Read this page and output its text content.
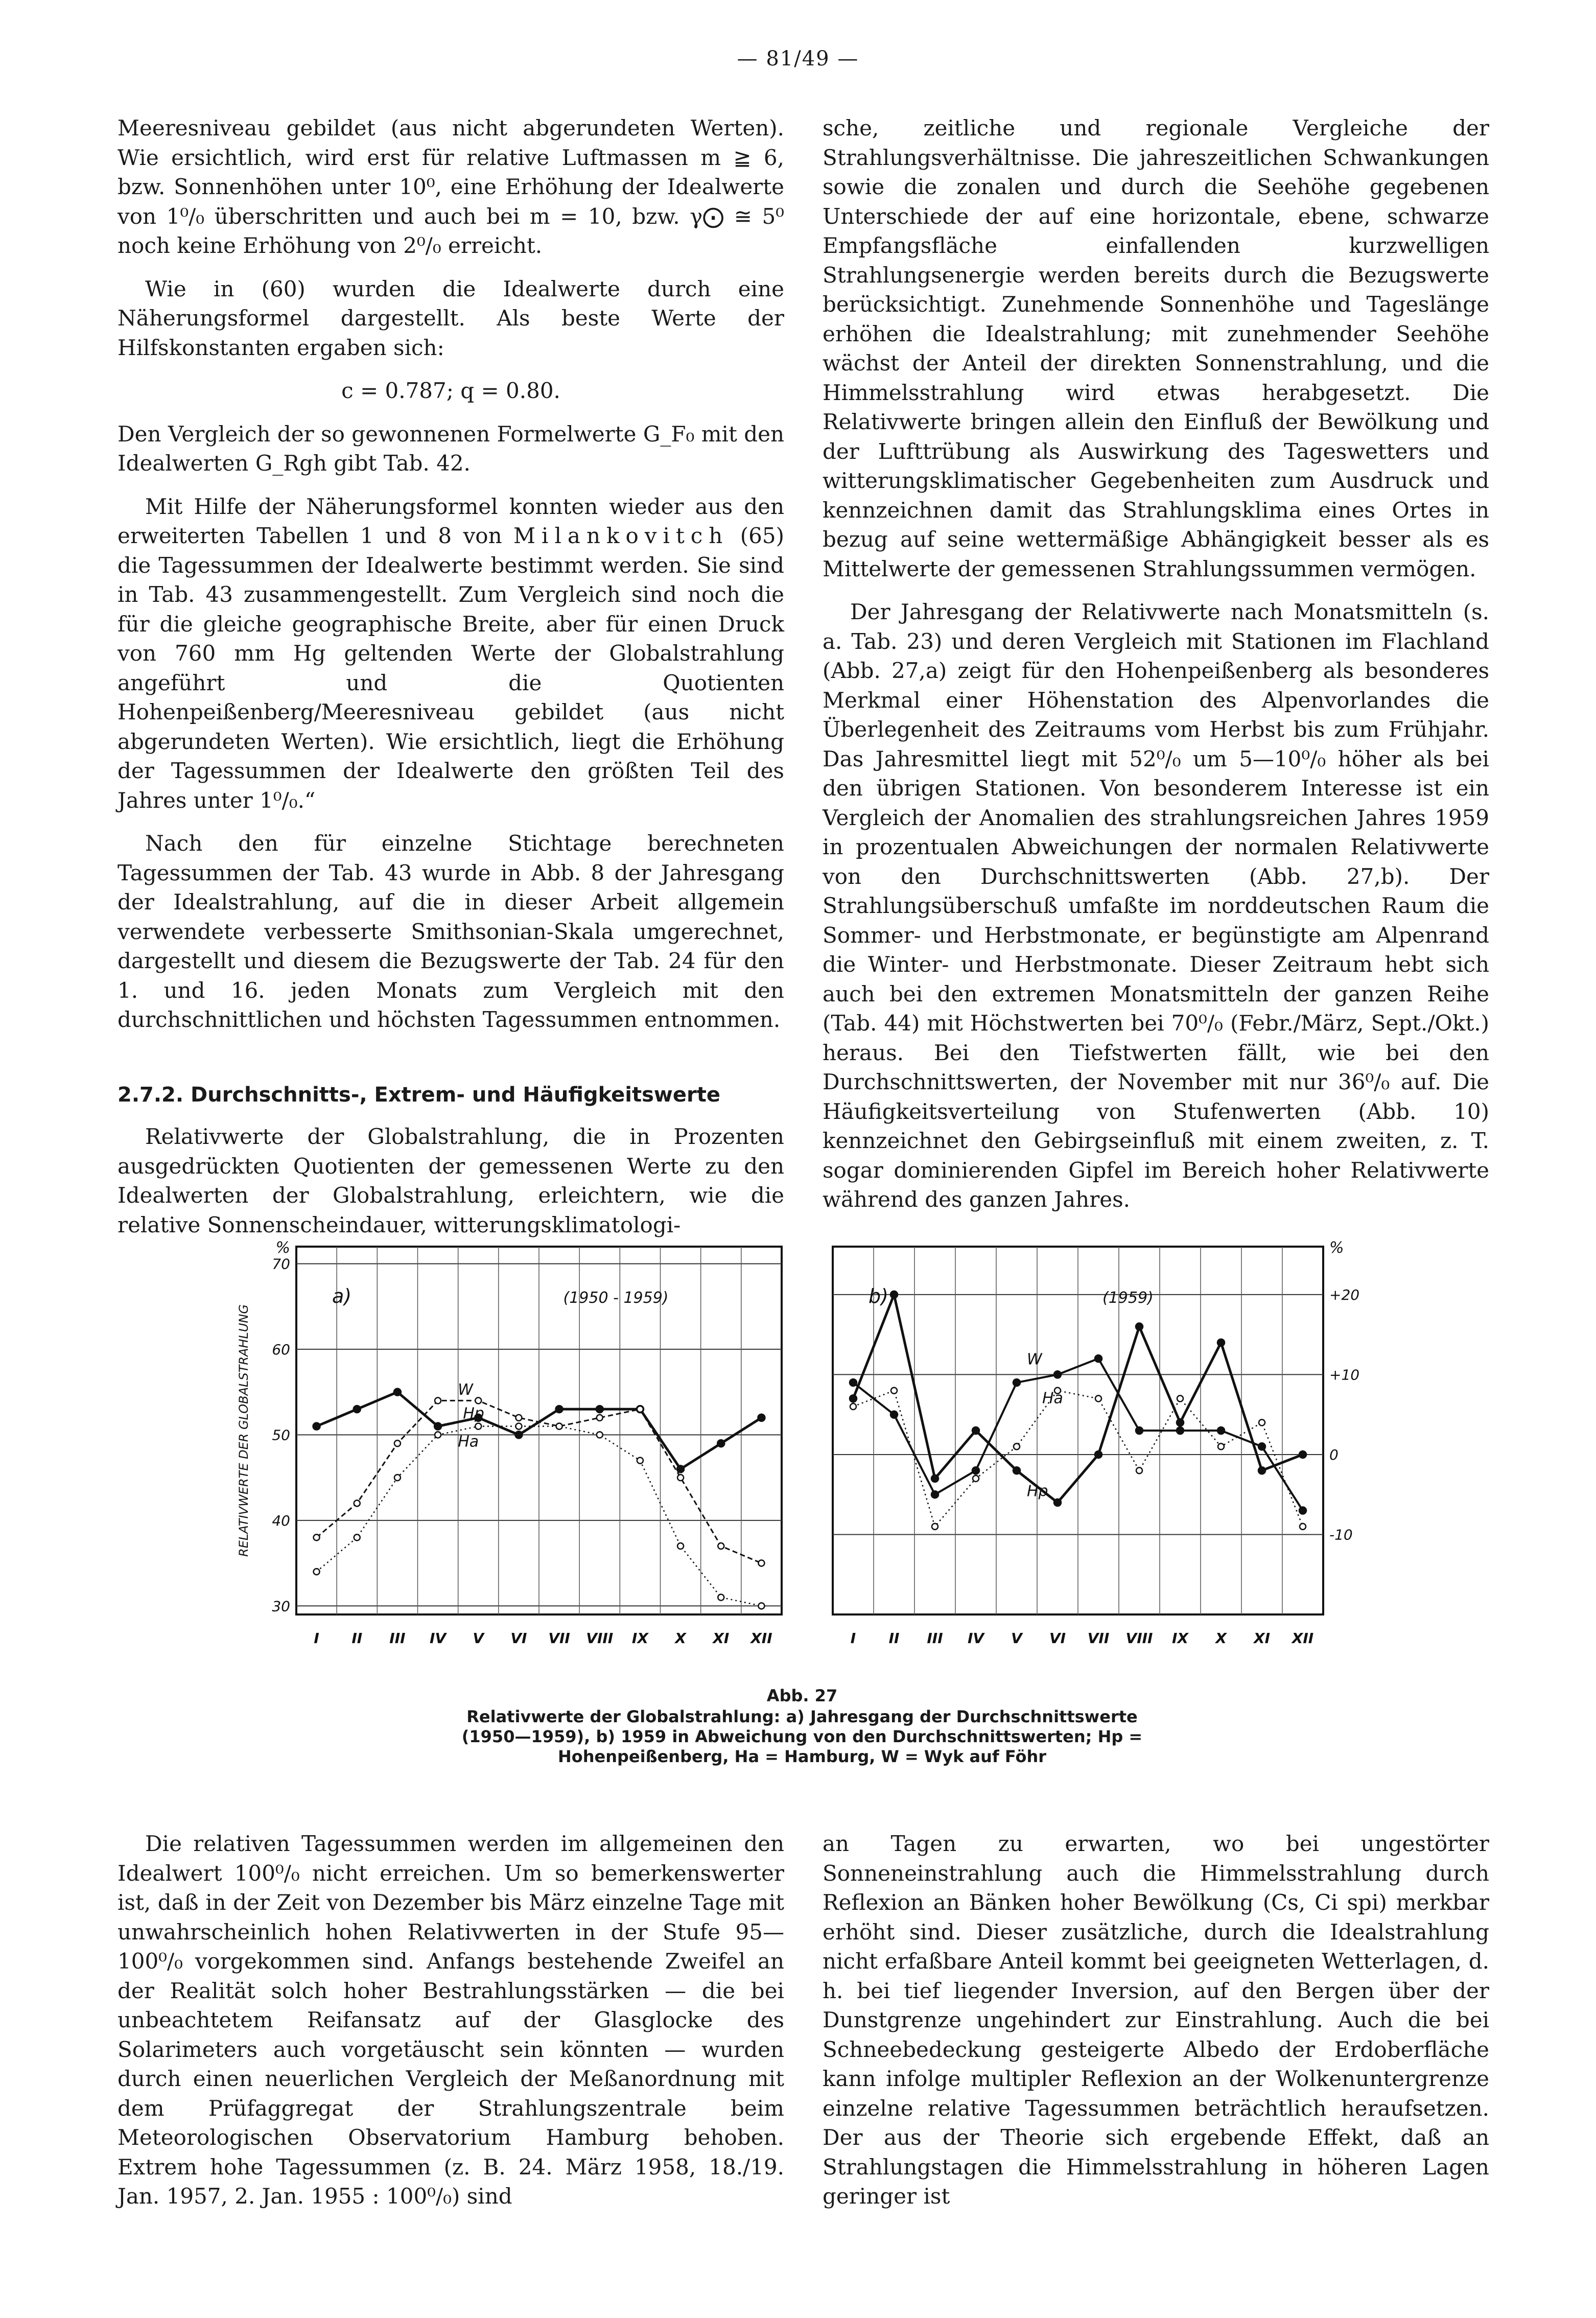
— 81/49 —

Meeresniveau gebildet (aus nicht abgerundeten Werten). Wie ersichtlich, wird erst für relative Luftmassen m ≧ 6, bzw. Sonnenhöhen unter 10⁰, eine Erhöhung der Idealwerte von 1⁰/₀ überschritten und auch bei m = 10, bzw. γ⨀ ≅ 5⁰ noch keine Erhöhung von 2⁰/₀ erreicht.

Wie in (60) wurden die Idealwerte durch eine Näherungsformel dargestellt. Als beste Werte der Hilfskonstanten ergaben sich:

c = 0.787; q = 0.80.

Den Vergleich der so gewonnenen Formelwerte G_F₀ mit den Idealwerten G_Rgh gibt Tab. 42.

Mit Hilfe der Näherungsformel konnten wieder aus den erweiterten Tabellen 1 und 8 von Milankovitch (65) die Tagessummen der Idealwerte bestimmt werden. Sie sind in Tab. 43 zusammengestellt. Zum Vergleich sind noch die für die gleiche geographische Breite, aber für einen Druck von 760 mm Hg geltenden Werte der Globalstrahlung angeführt und die Quotienten Hohenpeißenberg/Meeresniveau gebildet (aus nicht abgerundeten Werten). Wie ersichtlich, liegt die Erhöhung der Tagessummen der Idealwerte den größten Teil des Jahres unter 1⁰/₀.“

Nach den für einzelne Stichtage berechneten Tagessummen der Tab. 43 wurde in Abb. 8 der Jahresgang der Idealstrahlung, auf die in dieser Arbeit allgemein verwendete verbesserte Smithsonian-Skala umgerechnet, dargestellt und diesem die Bezugswerte der Tab. 24 für den 1. und 16. jeden Monats zum Vergleich mit den durchschnittlichen und höchsten Tagessummen entnommen.

2.7.2. Durchschnitts-, Extrem- und Häufigkeitswerte

Relativwerte der Globalstrahlung, die in Prozenten ausgedrückten Quotienten der gemessenen Werte zu den Idealwerten der Globalstrahlung, erleichtern, wie die relative Sonnenscheindauer, witterungsklimatologi-

sche, zeitliche und regionale Vergleiche der Strahlungsverhältnisse. Die jahreszeitlichen Schwankungen sowie die zonalen und durch die Seehöhe gegebenen Unterschiede der auf eine horizontale, ebene, schwarze Empfangsfläche einfallenden kurzwelligen Strahlungsenergie werden bereits durch die Bezugswerte berücksichtigt. Zunehmende Sonnenhöhe und Tageslänge erhöhen die Idealstrahlung; mit zunehmender Seehöhe wächst der Anteil der direkten Sonnenstrahlung, und die Himmelsstrahlung wird etwas herabgesetzt. Die Relativwerte bringen allein den Einfluß der Bewölkung und der Lufttrübung als Auswirkung des Tageswetters und witterungsklimatischer Gegebenheiten zum Ausdruck und kennzeichnen damit das Strahlungsklima eines Ortes in bezug auf seine wettermäßige Abhängigkeit besser als es Mittelwerte der gemessenen Strahlungssummen vermögen.

Der Jahresgang der Relativwerte nach Monatsmitteln (s. a. Tab. 23) und deren Vergleich mit Stationen im Flachland (Abb. 27,a) zeigt für den Hohenpeißenberg als besonderes Merkmal einer Höhenstation des Alpenvorlandes die Überlegenheit des Zeitraums vom Herbst bis zum Frühjahr. Das Jahresmittel liegt mit 52⁰/₀ um 5—10⁰/₀ höher als bei den übrigen Stationen. Von besonderem Interesse ist ein Vergleich der Anomalien des strahlungsreichen Jahres 1959 in prozentualen Abweichungen der normalen Relativwerte von den Durchschnittswerten (Abb. 27,b). Der Strahlungsüberschuß umfaßte im norddeutschen Raum die Sommer- und Herbstmonate, er begünstigte am Alpenrand die Winter- und Herbstmonate. Dieser Zeitraum hebt sich auch bei den extremen Monatsmitteln der ganzen Reihe (Tab. 44) mit Höchstwerten bei 70⁰/₀ (Febr./März, Sept./Okt.) heraus. Bei den Tiefstwerten fällt, wie bei den Durchschnittswerten, der November mit nur 36⁰/₀ auf. Die Häufigkeitsverteilung von Stufenwerten (Abb. 10) kennzeichnet den Gebirgseinfluß mit einem zweiten, z. T. sogar dominierenden Gipfel im Bereich hoher Relativwerte während des ganzen Jahres.

30
40
50
60
70
%
I II III IV V VI VII VIII IX X XI XII
RELATIVWERTE DER GLOBALSTRAHLUNG
a)	(1950 - 1959)
W
Hp
Ha
+20
+10
0
-10
%
I II III IV V VI VII VIII IX X XI XII
b)	(1959)
W
Ha
Hp
Abb. 27
Relativwerte der Globalstrahlung: a) Jahresgang der Durchschnittswerte (1950—1959), b) 1959 in Abweichung von den Durchschnittswerten; Hp = Hohenpeißenberg, Ha = Hamburg, W = Wyk auf Föhr

Die relativen Tagessummen werden im allgemeinen den Idealwert 100⁰/₀ nicht erreichen. Um so bemerkenswerter ist, daß in der Zeit von Dezember bis März einzelne Tage mit unwahrscheinlich hohen Relativwerten in der Stufe 95—100⁰/₀ vorgekommen sind. Anfangs bestehende Zweifel an der Realität solch hoher Bestrahlungsstärken — die bei unbeachtetem Reifansatz auf der Glasglocke des Solarimeters auch vorgetäuscht sein könnten — wurden durch einen neuerlichen Vergleich der Meßanordnung mit dem Prüfaggregat der Strahlungszentrale beim Meteorologischen Observatorium Hamburg behoben. Extrem hohe Tagessummen (z. B. 24. März 1958, 18./19. Jan. 1957, 2. Jan. 1955 : 100⁰/₀) sind

an Tagen zu erwarten, wo bei ungestörter Sonneneinstrahlung auch die Himmelsstrahlung durch Reflexion an Bänken hoher Bewölkung (Cs, Ci spi) merkbar erhöht sind. Dieser zusätzliche, durch die Idealstrahlung nicht erfaßbare Anteil kommt bei geeigneten Wetterlagen, d. h. bei tief liegender Inversion, auf den Bergen über der Dunstgrenze ungehindert zur Einstrahlung. Auch die bei Schneebedeckung gesteigerte Albedo der Erdoberfläche kann infolge multipler Reflexion an der Wolkenuntergrenze einzelne relative Tagessummen beträchtlich heraufsetzen. Der aus der Theorie sich ergebende Effekt, daß an Strahlungstagen die Himmelsstrahlung in höheren Lagen geringer ist
